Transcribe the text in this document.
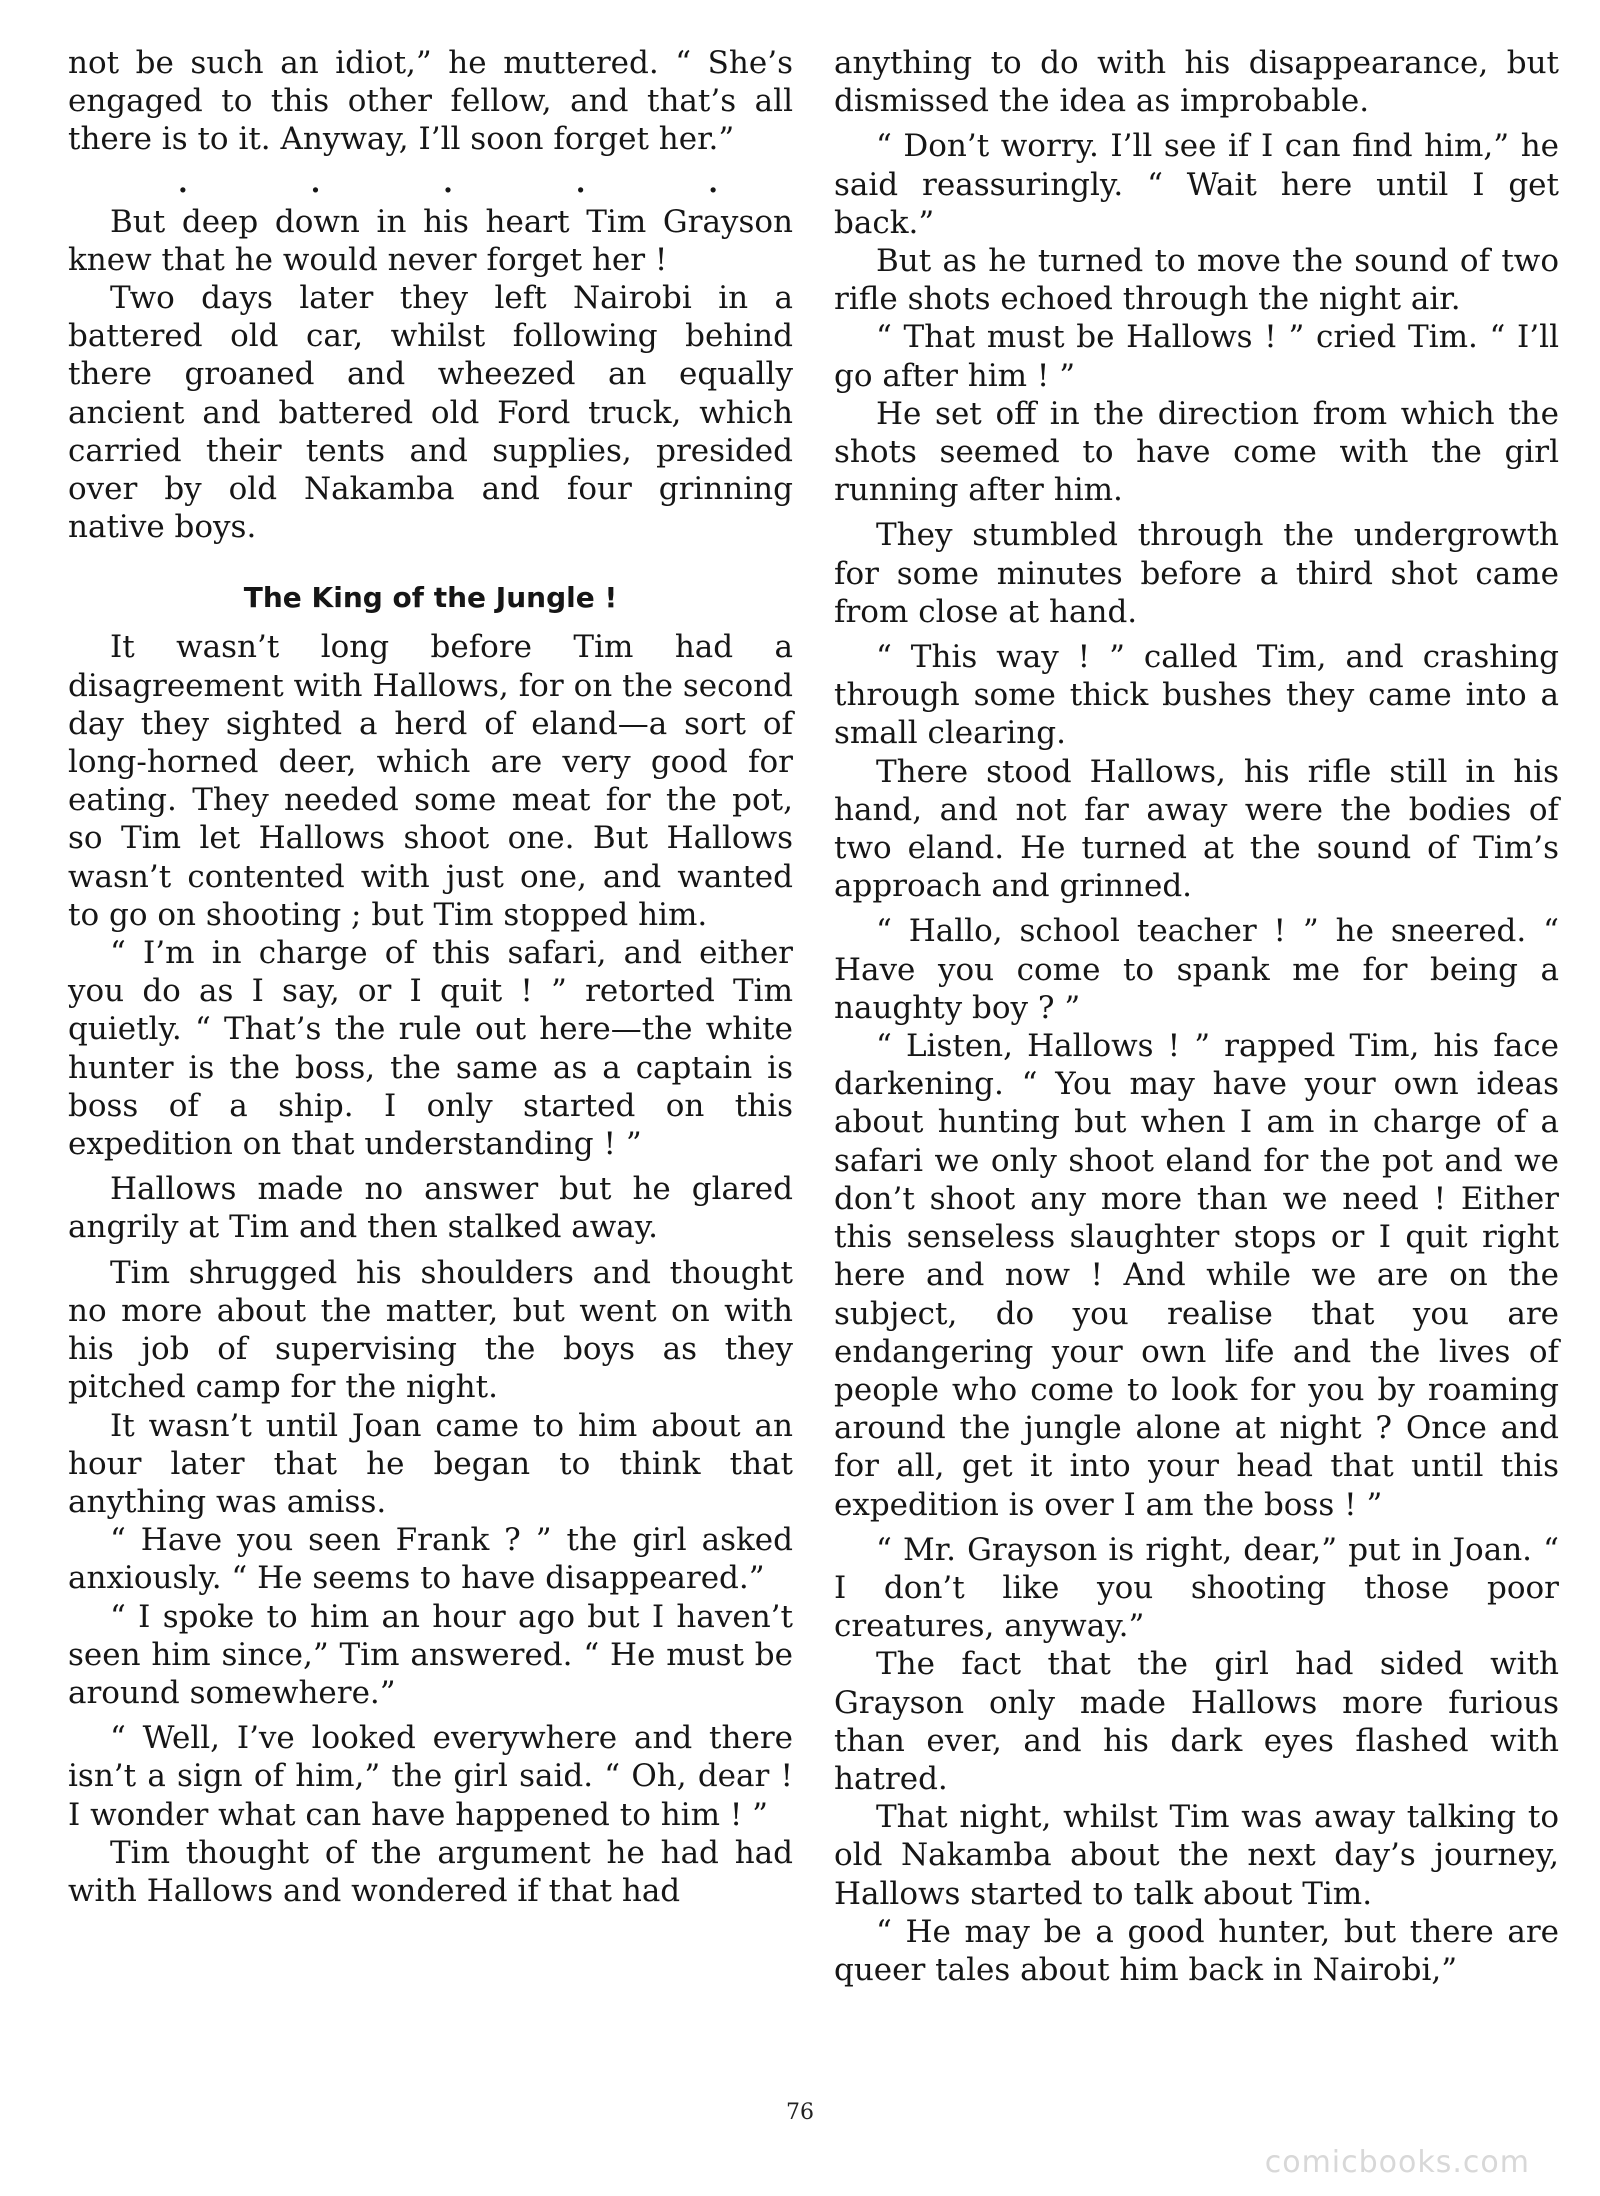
not be such an idiot,” he muttered. “ She’s engaged to this other fellow, and that’s all there is to it. Anyway, I’ll soon forget her.”

.	.	.	.	.

But deep down in his heart Tim Grayson knew that he would never forget her !

Two days later they left Nairobi in a battered old car, whilst following behind there groaned and wheezed an equally ancient and battered old Ford truck, which carried their tents and supplies, presided over by old Nakamba and four grinning native boys.

The King of the Jungle !

It wasn’t long before Tim had a disagreement with Hallows, for on the second day they sighted a herd of eland—a sort of long-horned deer, which are very good for eating. They needed some meat for the pot, so Tim let Hallows shoot one. But Hallows wasn’t contented with just one, and wanted to go on shooting ; but Tim stopped him.

“ I’m in charge of this safari, and either you do as I say, or I quit ! ” retorted Tim quietly. “ That’s the rule out here—the white hunter is the boss, the same as a captain is boss of a ship. I only started on this expedition on that understanding ! ”

Hallows made no answer but he glared angrily at Tim and then stalked away.

Tim shrugged his shoulders and thought no more about the matter, but went on with his job of supervising the boys as they pitched camp for the night.

It wasn’t until Joan came to him about an hour later that he began to think that anything was amiss.

“ Have you seen Frank ? ” the girl asked anxiously. “ He seems to have disappeared.”

“ I spoke to him an hour ago but I haven’t seen him since,” Tim answered. “ He must be around somewhere.”

“ Well, I’ve looked everywhere and there isn’t a sign of him,” the girl said. “ Oh, dear ! I wonder what can have happened to him ! ”

Tim thought of the argument he had had with Hallows and wondered if that had

anything to do with his disappearance, but dismissed the idea as improbable.

“ Don’t worry. I’ll see if I can find him,” he said reassuringly. “ Wait here until I get back.”

But as he turned to move the sound of two rifle shots echoed through the night air.

“ That must be Hallows ! ” cried Tim. “ I’ll go after him ! ”

He set off in the direction from which the shots seemed to have come with the girl running after him.

They stumbled through the undergrowth for some minutes before a third shot came from close at hand.

“ This way ! ” called Tim, and crashing through some thick bushes they came into a small clearing.

There stood Hallows, his rifle still in his hand, and not far away were the bodies of two eland. He turned at the sound of Tim’s approach and grinned.

“ Hallo, school teacher ! ” he sneered. “ Have you come to spank me for being a naughty boy ? ”

“ Listen, Hallows ! ” rapped Tim, his face darkening. “ You may have your own ideas about hunting but when I am in charge of a safari we only shoot eland for the pot and we don’t shoot any more than we need ! Either this senseless slaughter stops or I quit right here and now ! And while we are on the subject, do you realise that you are endangering your own life and the lives of people who come to look for you by roaming around the jungle alone at night ? Once and for all, get it into your head that until this expedition is over I am the boss ! ”

“ Mr. Grayson is right, dear,” put in Joan. “ I don’t like you shooting those poor creatures, anyway.”

The fact that the girl had sided with Grayson only made Hallows more furious than ever, and his dark eyes flashed with hatred.

That night, whilst Tim was away talking to old Nakamba about the next day’s journey, Hallows started to talk about Tim.

“ He may be a good hunter, but there are queer tales about him back in Nairobi,”

76
comicbooks.com
